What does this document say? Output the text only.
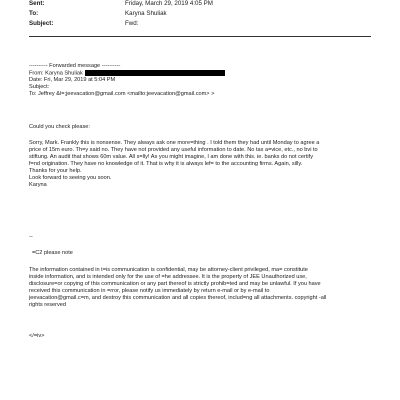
Sent:	Friday, March 29, 2019 4:05 PM
To:	Karyna Shuliak
Subject:	Fwd:
---------- Forwarded message ----------
From: Karyna Shuliak
Date: Fri, Mar 29, 2019 at 5:04 PM
Subject:
To: Jeffrey &l=;jeevacation@gmail.com <mailto:jeevacation@gmail.com> >
Could you check please:
Sorry, Mark. Frankly this is nonsense. They always ask one more=thing . I told them they had until Monday to agree a
price of 15m euro. Th=y said no. They have not provided any useful information to date. No tax a=vice, etc., no bvi to
stiftung. An audit that shows 60m value. All s=lly! As you might imagine, I am done with this. ie. banks do not certify
f=nd origination. They have no knowledge of it. That is why it is always lef= to the accounting firms. Again, silly.
Thanks for your help.
Look forward to seeing you soon.
Karyna
--
=C2 please note
The information contained in t=is communication is confidential, may be attorney-client privileged, ma= constitute
inside information, and is intended only for the use of =he addressee. It is the property of JEE Unauthorized use,
disclosure=or copying of this communication or any part thereof is strictly prohib=ted and may be unlawful. If you have
received this communication in =rror, please notify us immediately by return e-mail or by e-mail to
jeevacation@gmail.c=m, and destroy this communication and all copies thereof, includ=ng all attachments. copyright -all
rights reserved
</=iv>
